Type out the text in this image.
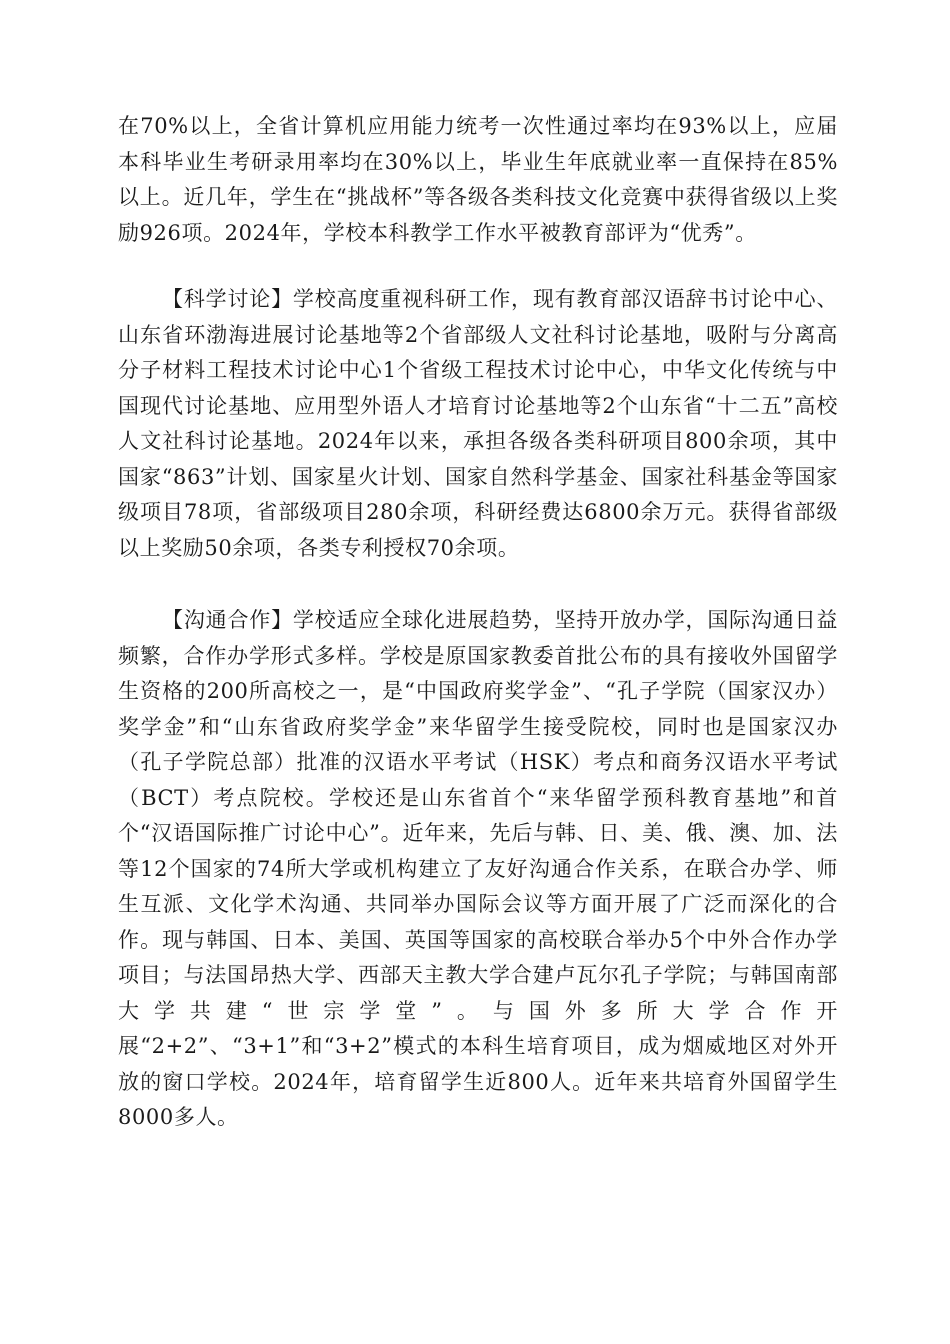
在70%以上，全省计算机应用能力统考一次性通过率均在93%以上，应届本科毕业生考研录用率均在30%以上，毕业生年底就业率一直保持在85%以上。近几年，学生在“挑战杯”等各级各类科技文化竞赛中获得省级以上奖励926项。2024年，学校本科教学工作水平被教育部评为“优秀”。

【科学讨论】学校高度重视科研工作，现有教育部汉语辞书讨论中心、山东省环渤海进展讨论基地等2个省部级人文社科讨论基地，吸附与分离高分子材料工程技术讨论中心1个省级工程技术讨论中心，中华文化传统与中国现代讨论基地、应用型外语人才培育讨论基地等2个山东省“十二五”高校人文社科讨论基地。2024年以来，承担各级各类科研项目800余项，其中国家“863”计划、国家星火计划、国家自然科学基金、国家社科基金等国家级项目78项，省部级项目280余项，科研经费达6800余万元。获得省部级以上奖励50余项，各类专利授权70余项。

【沟通合作】学校适应全球化进展趋势，坚持开放办学，国际沟通日益频繁，合作办学形式多样。学校是原国家教委首批公布的具有接收外国留学生资格的200所高校之一，是“中国政府奖学金”、“孔子学院（国家汉办）奖学金”和“山东省政府奖学金”来华留学生接受院校，同时也是国家汉办（孔子学院总部）批准的汉语水平考试（HSK）考点和商务汉语水平考试（BCT）考点院校。学校还是山东省首个“来华留学预科教育基地”和首个“汉语国际推广讨论中心”。近年来，先后与韩、日、美、俄、澳、加、法等12个国家的74所大学或机构建立了友好沟通合作关系，在联合办学、师生互派、文化学术沟通、共同举办国际会议等方面开展了广泛而深化的合作。现与韩国、日本、美国、英国等国家的高校联合举办5个中外合作办学项目；与法国昂热大学、西部天主教大学合建卢瓦尔孔子学院；与韩国南部大学共建“世宗学堂”。与国外多所大学合作开展“2+2”、“3+1”和“3+2”模式的本科生培育项目，成为烟威地区对外开放的窗口学校。2024年，培育留学生近800人。近年来共培育外国留学生8000多人。
